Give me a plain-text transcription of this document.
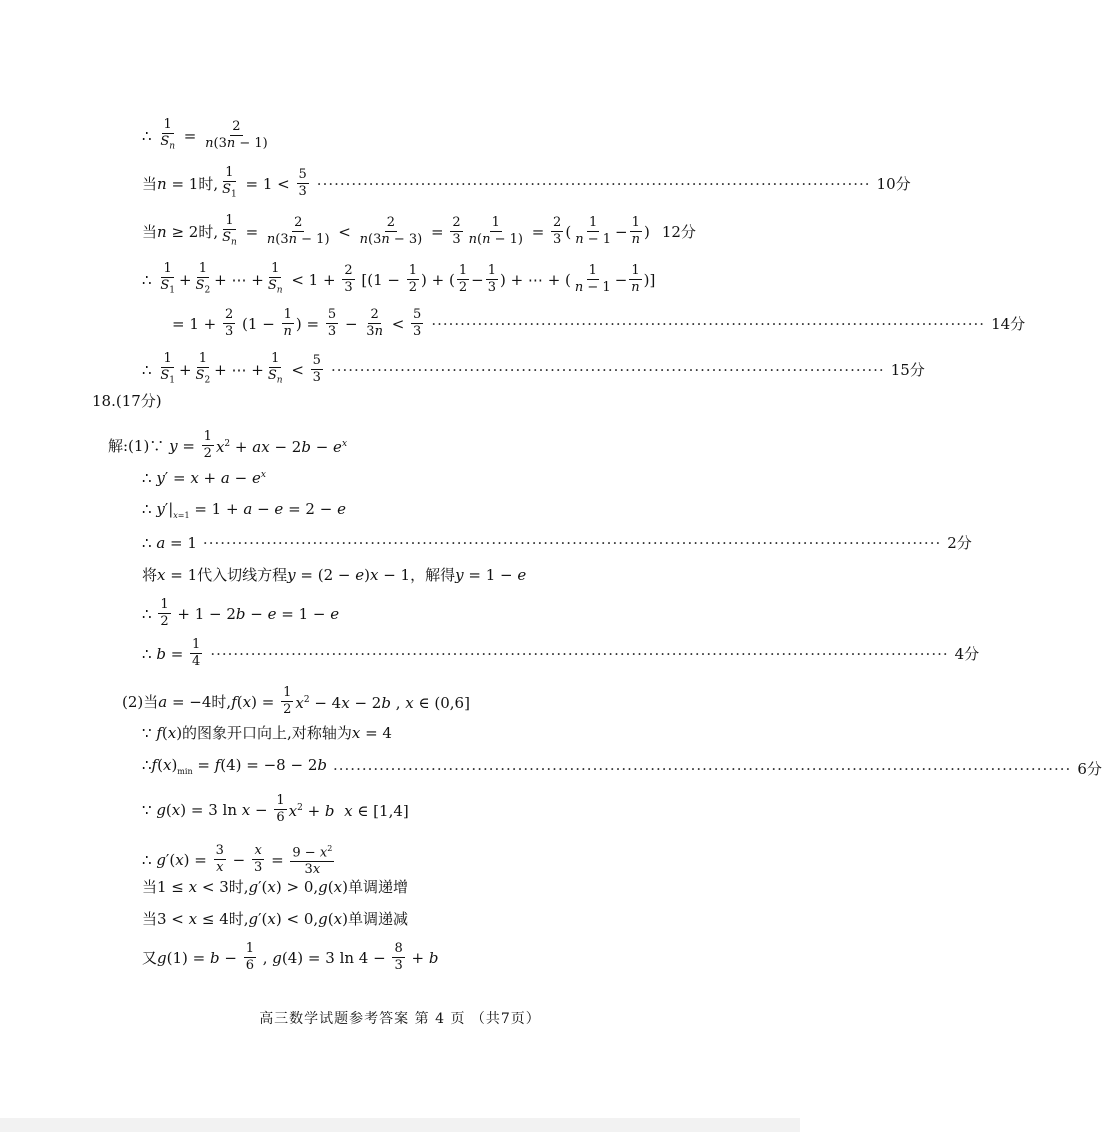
∴ $\frac{1}{S_n} = \frac{2}{n(3n - 1)}$
当n = 1时, $\frac{1}{S_1} = 1 < \frac{5}{3}$ ································································································ 10分
当n ≥ 2时, $\frac{1}{S_n} = \frac{2}{n(3n - 1)} < \frac{2}{n(3n - 3)} = \frac{2}{3} \frac{1}{n(n - 1)} = \frac{2}{3}$ ( $\frac{1}{n - 1} - \frac{1}{n}$ ) 12分
∴ $\frac{1}{S_1} + \frac{1}{S_2}$ + ⋯ + $\frac{1}{S_n} < 1 + \frac{2}{3} [(1 - \frac{1}{2}$ ) + ( $\frac{1}{2} - \frac{1}{3}$ ) + ⋯ + ( $\frac{1}{n - 1} - \frac{1}{n}$ )]
= $1 + \frac{2}{3} (1 - \frac{1}{n}$ ) = $\frac{5}{3} - \frac{2}{3n} < \frac{5}{3}$ ································································································ 14分
∴ $\frac{1}{S_1} + \frac{1}{S_2}$ + ⋯ + $\frac{1}{S_n} < \frac{5}{3}$ ································································································ 15分
18.(17分)
解:(1)∵ $y = \frac{1}{2} x^2$ + ax − $2b - e^x$
∴ $y' = x + a - e^x$
∴ $y'|_{x=1} = 1 + a - e = 2 - e$
∴ a = 1 ································································································································ 2分
将x = 1代入切线方程y = (2 − e)x − 1，解得y = 1 − e
∴ $\frac{1}{2} + 1 - 2b - e = 1 - e$
∴ $b = \frac{1}{4}$ ································································································································ 4分
(2)当a = −4时$,f(x) = \frac{1}{2} x^2 - 4x - 2b$ , x ∈ (0,6]
∵ f(x)的图象开口向上,对称轴为x = 4
$\therefore f(x)_{min} = f(4) = -8 - 2b$ ································································································································ 6分
∵ g(x) = 3 $\ln x - \frac{1}{6} x^2 + b$ x ∈ [1,4]
∴ $g'(x) = \frac{3}{x} - \frac{x}{3} = \frac{9 - x^2}{3x}$
当1 ≤ x < 3时,g′(x) > 0,g(x)单调递增
当3 < x ≤ 4时,g′(x) < 0,g(x)单调递减
又$g(1) = b - \frac{1}{6}$ , g(4) = 3 $\ln 4 - \frac{8}{3} + b$
高三数学试题参考答案 第 4 页 （共7页）
